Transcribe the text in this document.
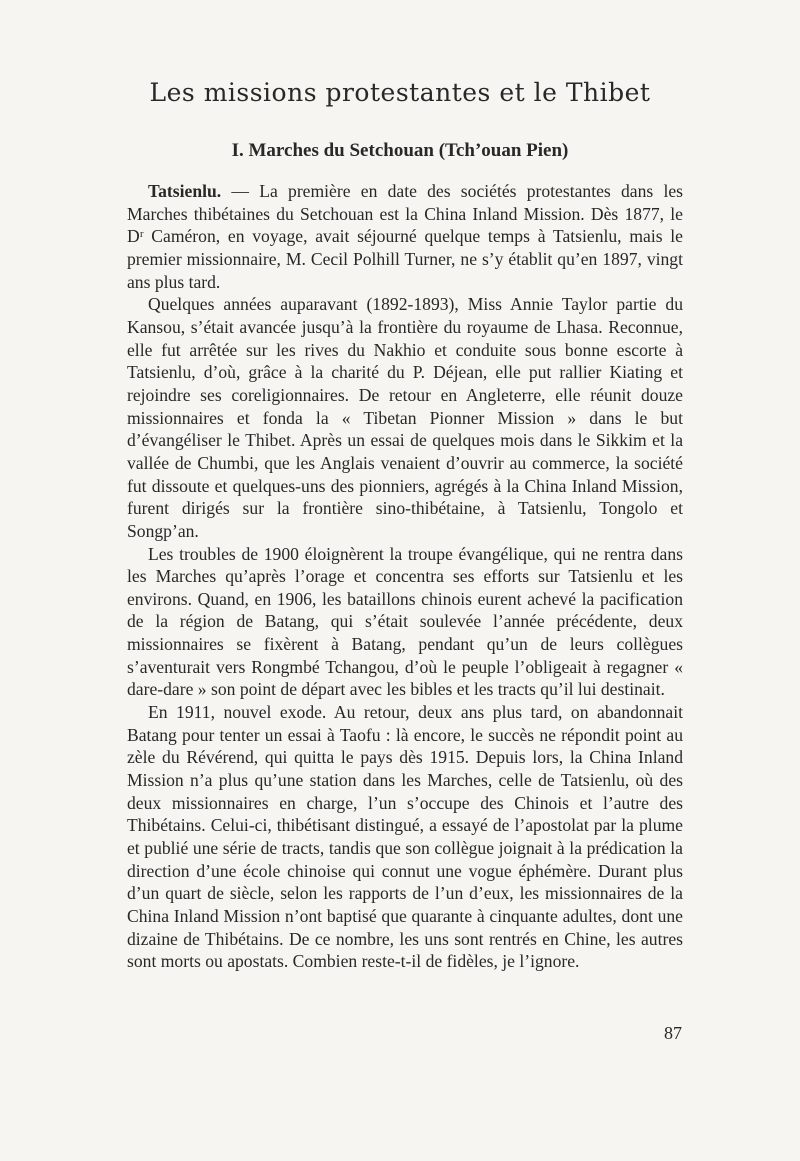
Les missions protestantes et le Thibet
I. Marches du Setchouan (Tch’ouan Pien)

Tatsienlu. — La première en date des sociétés protestantes dans les Marches thibétaines du Setchouan est la China Inland Mission. Dès 1877, le Dʳ Caméron, en voyage, avait séjourné quelque temps à Tatsienlu, mais le premier missionnaire, M. Cecil Polhill Turner, ne s’y établit qu’en 1897, vingt ans plus tard.

Quelques années auparavant (1892-1893), Miss Annie Taylor partie du Kansou, s’était avancée jusqu’à la frontière du royaume de Lhasa. Reconnue, elle fut arrêtée sur les rives du Nakhio et conduite sous bonne escorte à Tatsienlu, d’où, grâce à la charité du P. Déjean, elle put rallier Kiating et rejoindre ses coreligionnaires. De retour en Angleterre, elle réunit douze missionnaires et fonda la « Tibetan Pionner Mission » dans le but d’évangéliser le Thibet. Après un essai de quelques mois dans le Sikkim et la vallée de Chumbi, que les Anglais venaient d’ouvrir au commerce, la société fut dissoute et quelques-uns des pionniers, agrégés à la China Inland Mission, furent dirigés sur la frontière sino-thibétaine, à Tatsienlu, Tongolo et Songp’an.

Les troubles de 1900 éloignèrent la troupe évangélique, qui ne rentra dans les Marches qu’après l’orage et concentra ses efforts sur Tatsienlu et les environs. Quand, en 1906, les bataillons chinois eurent achevé la pacification de la région de Batang, qui s’était soulevée l’année précédente, deux missionnaires se fixèrent à Batang, pendant qu’un de leurs collègues s’aventurait vers Rongmbé Tchangou, d’où le peuple l’obligeait à regagner « dare-dare » son point de départ avec les bibles et les tracts qu’il lui destinait.

En 1911, nouvel exode. Au retour, deux ans plus tard, on abandonnait Batang pour tenter un essai à Taofu : là encore, le succès ne répondit point au zèle du Révérend, qui quitta le pays dès 1915. Depuis lors, la China Inland Mission n’a plus qu’une station dans les Marches, celle de Tatsienlu, où des deux missionnaires en charge, l’un s’occupe des Chinois et l’autre des Thibétains. Celui-ci, thibétisant distingué, a essayé de l’apostolat par la plume et publié une série de tracts, tandis que son collègue joignait à la prédication la direction d’une école chinoise qui connut une vogue éphémère. Durant plus d’un quart de siècle, selon les rapports de l’un d’eux, les missionnaires de la China Inland Mission n’ont baptisé que quarante à cinquante adultes, dont une dizaine de Thibétains. De ce nombre, les uns sont rentrés en Chine, les autres sont morts ou apostats. Combien reste-t-il de fidèles, je l’ignore.

87
